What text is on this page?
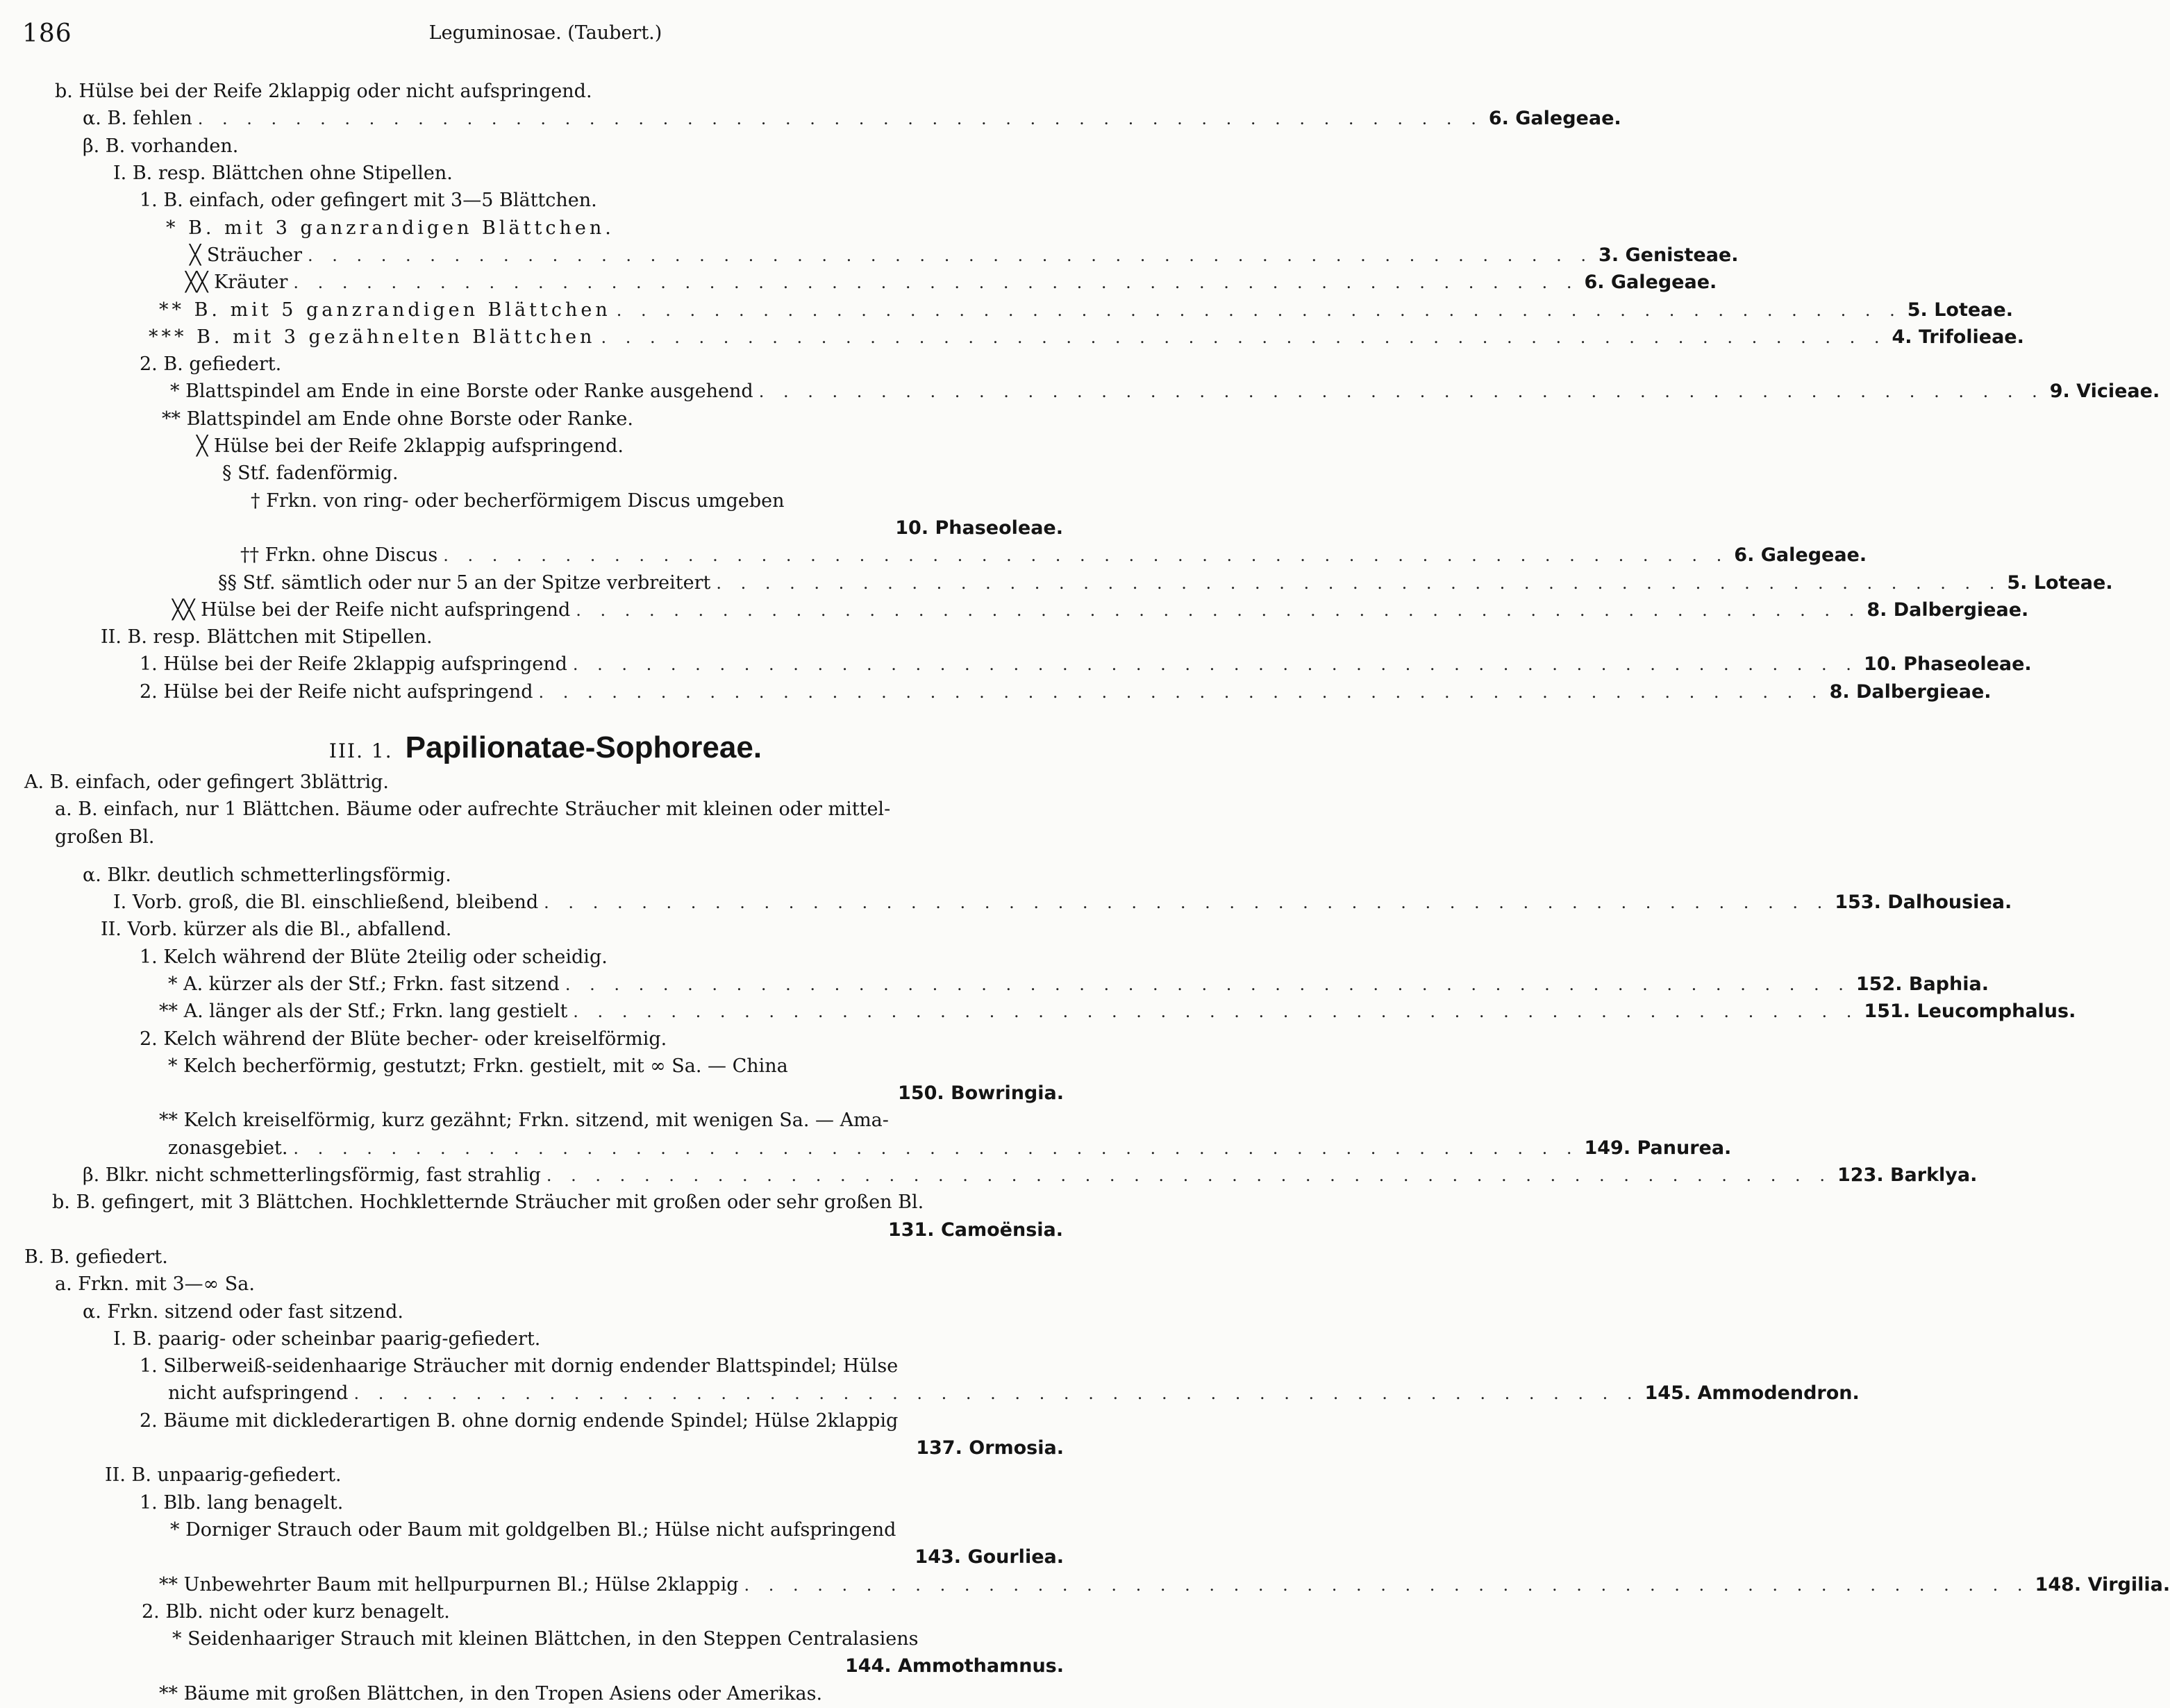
186	Leguminosae. (Taubert.)
b. Hülse bei der Reife 2klappig oder nicht aufspringend.
α. B. fehlen . . . . . . . . . . . . . . . . . . . . . . . . . . . . . . . . . . . . . . . . . . . . . . . . . . . . . 6. Galegeae.
β. B. vorhanden.
I. B. resp. Blättchen ohne Stipellen.
1. B. einfach, oder gefingert mit 3—5 Blättchen.
* B. mit 3 ganzrandigen Blättchen.
╳ Sträucher . . . . . . . . . . . . . . . . . . . . . . . . . . . . . . . . . . . . . . . . . . . . . . . . . . . . . 3. Genisteae.
╳╳ Kräuter . . . . . . . . . . . . . . . . . . . . . . . . . . . . . . . . . . . . . . . . . . . . . . . . . . . . . 6. Galegeae.
** B. mit 5 ganzrandigen Blättchen . . . . . . . . . . . . . . . . . . . . . . . . . . . . . . . . . . . . . . . . . . . . . . . . . . . . . 5. Loteae.
*** B. mit 3 gezähnelten Blättchen . . . . . . . . . . . . . . . . . . . . . . . . . . . . . . . . . . . . . . . . . . . . . . . . . . . . . 4. Trifolieae.
2. B. gefiedert.
* Blattspindel am Ende in eine Borste oder Ranke ausgehend . . . . . . . . . . . . . . . . . . . . . . . . . . . . . . . . . . . . . . . . . . . . . . . . . . . . . 9. Vicieae.
** Blattspindel am Ende ohne Borste oder Ranke.
╳ Hülse bei der Reife 2klappig aufspringend.
§ Stf. fadenförmig.
† Frkn. von ring- oder becherförmigem Discus umgeben
10. Phaseoleae.
†† Frkn. ohne Discus . . . . . . . . . . . . . . . . . . . . . . . . . . . . . . . . . . . . . . . . . . . . . . . . . . . . . 6. Galegeae.
§§ Stf. sämtlich oder nur 5 an der Spitze verbreitert . . . . . . . . . . . . . . . . . . . . . . . . . . . . . . . . . . . . . . . . . . . . . . . . . . . . . 5. Loteae.
╳╳ Hülse bei der Reife nicht aufspringend . . . . . . . . . . . . . . . . . . . . . . . . . . . . . . . . . . . . . . . . . . . . . . . . . . . . . 8. Dalbergieae.
II. B. resp. Blättchen mit Stipellen.
1. Hülse bei der Reife 2klappig aufspringend . . . . . . . . . . . . . . . . . . . . . . . . . . . . . . . . . . . . . . . . . . . . . . . . . . . . . 10. Phaseoleae.
2. Hülse bei der Reife nicht aufspringend . . . . . . . . . . . . . . . . . . . . . . . . . . . . . . . . . . . . . . . . . . . . . . . . . . . . . 8. Dalbergieae.
III. 1. Papilionatae-Sophoreae.
A. B. einfach, oder gefingert 3blättrig.
a. B. einfach, nur 1 Blättchen. Bäume oder aufrechte Sträucher mit kleinen oder mittel-
großen Bl.
α. Blkr. deutlich schmetterlingsförmig.
I. Vorb. groß, die Bl. einschließend, bleibend . . . . . . . . . . . . . . . . . . . . . . . . . . . . . . . . . . . . . . . . . . . . . . . . . . . . . 153. Dalhousiea.
II. Vorb. kürzer als die Bl., abfallend.
1. Kelch während der Blüte 2teilig oder scheidig.
* A. kürzer als der Stf.; Frkn. fast sitzend . . . . . . . . . . . . . . . . . . . . . . . . . . . . . . . . . . . . . . . . . . . . . . . . . . . . . 152. Baphia.
** A. länger als der Stf.; Frkn. lang gestielt . . . . . . . . . . . . . . . . . . . . . . . . . . . . . . . . . . . . . . . . . . . . . . . . . . . . . 151. Leucomphalus.
2. Kelch während der Blüte becher- oder kreiselförmig.
* Kelch becherförmig, gestutzt; Frkn. gestielt, mit ∞ Sa. — China
150. Bowringia.
** Kelch kreiselförmig, kurz gezähnt; Frkn. sitzend, mit wenigen Sa. — Ama-
zonasgebiet. . . . . . . . . . . . . . . . . . . . . . . . . . . . . . . . . . . . . . . . . . . . . . . . . . . . . . 149. Panurea.
β. Blkr. nicht schmetterlingsförmig, fast strahlig . . . . . . . . . . . . . . . . . . . . . . . . . . . . . . . . . . . . . . . . . . . . . . . . . . . . . 123. Barklya.
b. B. gefingert, mit 3 Blättchen. Hochkletternde Sträucher mit großen oder sehr großen Bl.
131. Camoënsia.
B. B. gefiedert.
a. Frkn. mit 3—∞ Sa.
α. Frkn. sitzend oder fast sitzend.
I. B. paarig- oder scheinbar paarig-gefiedert.
1. Silberweiß-seidenhaarige Sträucher mit dornig endender Blattspindel; Hülse
nicht aufspringend . . . . . . . . . . . . . . . . . . . . . . . . . . . . . . . . . . . . . . . . . . . . . . . . . . . . . 145. Ammodendron.
2. Bäume mit dicklederartigen B. ohne dornig endende Spindel; Hülse 2klappig
137. Ormosia.
II. B. unpaarig-gefiedert.
1. Blb. lang benagelt.
* Dorniger Strauch oder Baum mit goldgelben Bl.; Hülse nicht aufspringend
143. Gourliea.
** Unbewehrter Baum mit hellpurpurnen Bl.; Hülse 2klappig . . . . . . . . . . . . . . . . . . . . . . . . . . . . . . . . . . . . . . . . . . . . . . . . . . . . . 148. Virgilia.
2. Blb. nicht oder kurz benagelt.
* Seidenhaariger Strauch mit kleinen Blättchen, in den Steppen Centralasiens
144. Ammothamnus.
** Bäume mit großen Blättchen, in den Tropen Asiens oder Amerikas.
